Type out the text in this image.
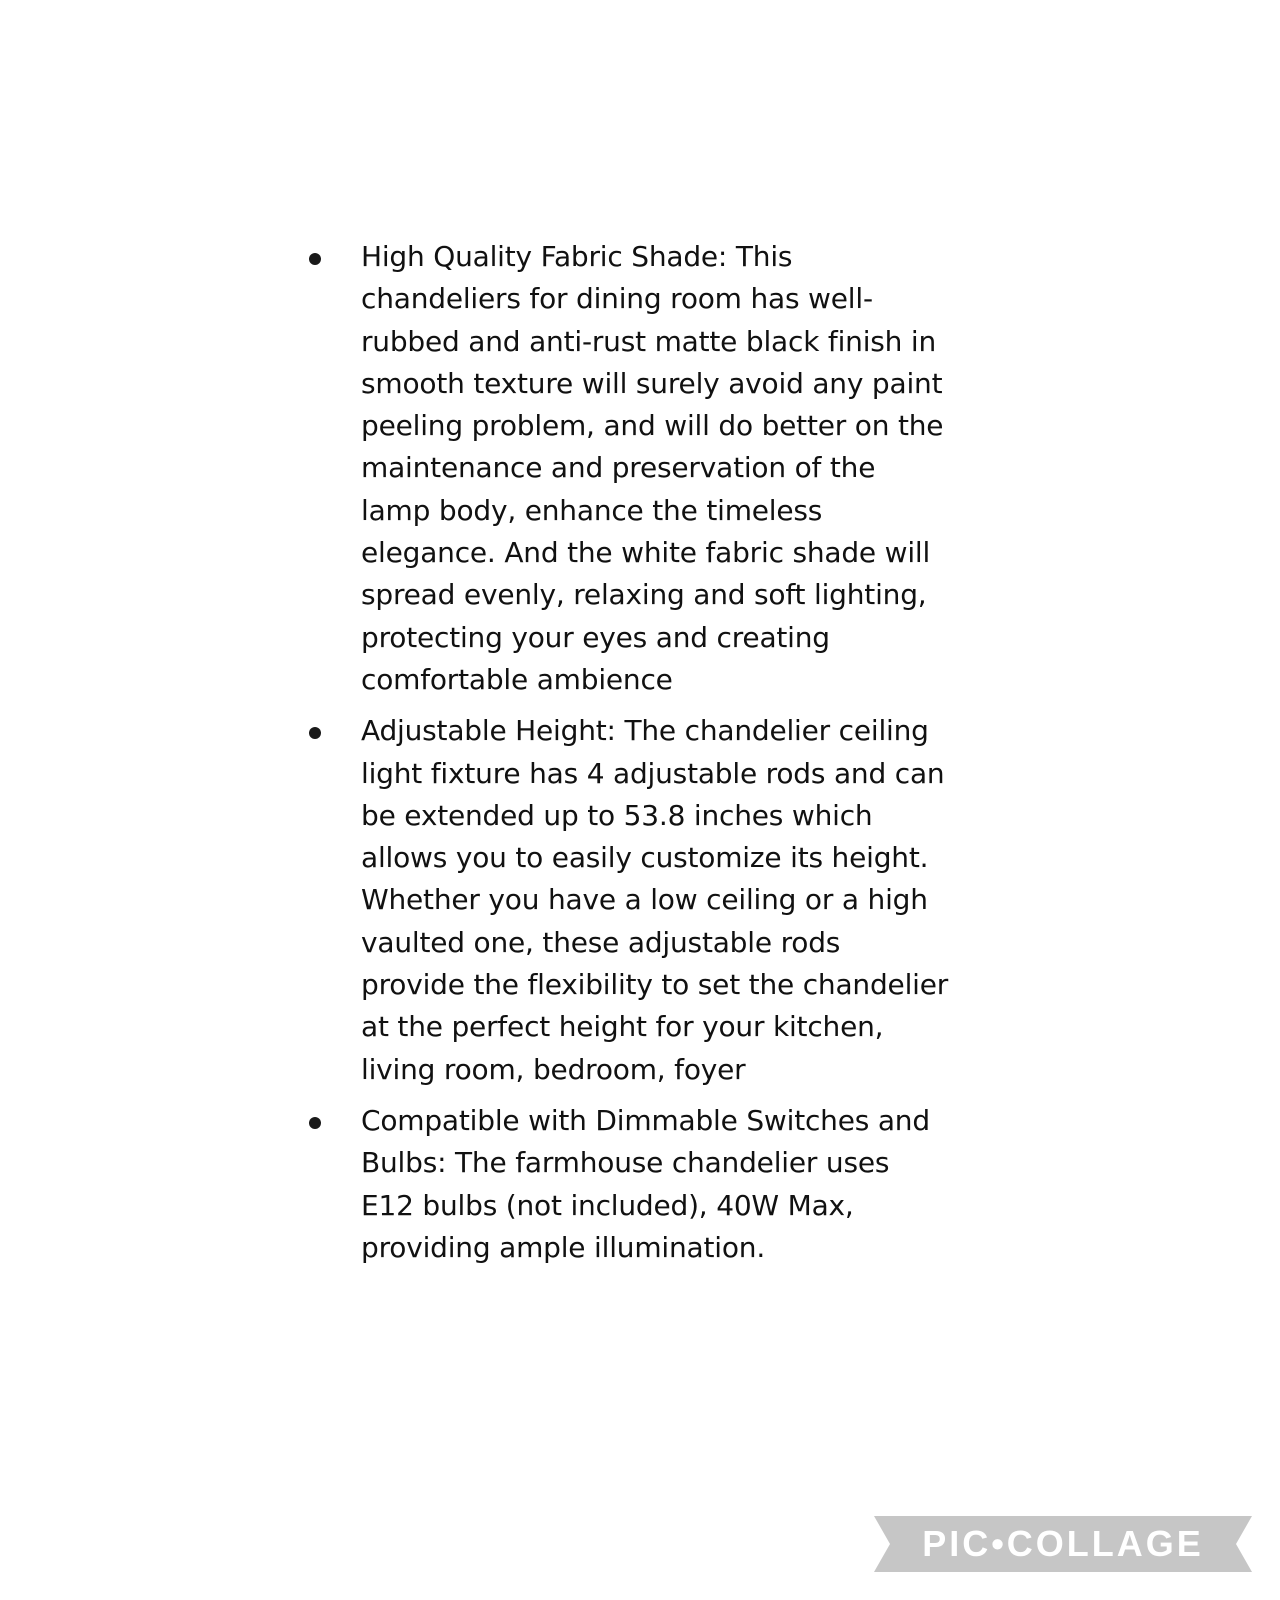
High Quality Fabric Shade: This chandeliers for dining room has well-rubbed and anti-rust matte black finish in smooth texture will surely avoid any paint peeling problem, and will do better on the maintenance and preservation of the lamp body, enhance the timeless elegance. And the white fabric shade will spread evenly, relaxing and soft lighting, protecting your eyes and creating comfortable ambience
Adjustable Height: The chandelier ceiling light fixture has 4 adjustable rods and can be extended up to 53.8 inches which allows you to easily customize its height. Whether you have a low ceiling or a high vaulted one, these adjustable rods provide the flexibility to set the chandelier at the perfect height for your kitchen, living room, bedroom, foyer
Compatible with Dimmable Switches and Bulbs: The farmhouse chandelier uses E12 bulbs (not included), 40W Max, providing ample illumination.
PIC•COLLAGE
